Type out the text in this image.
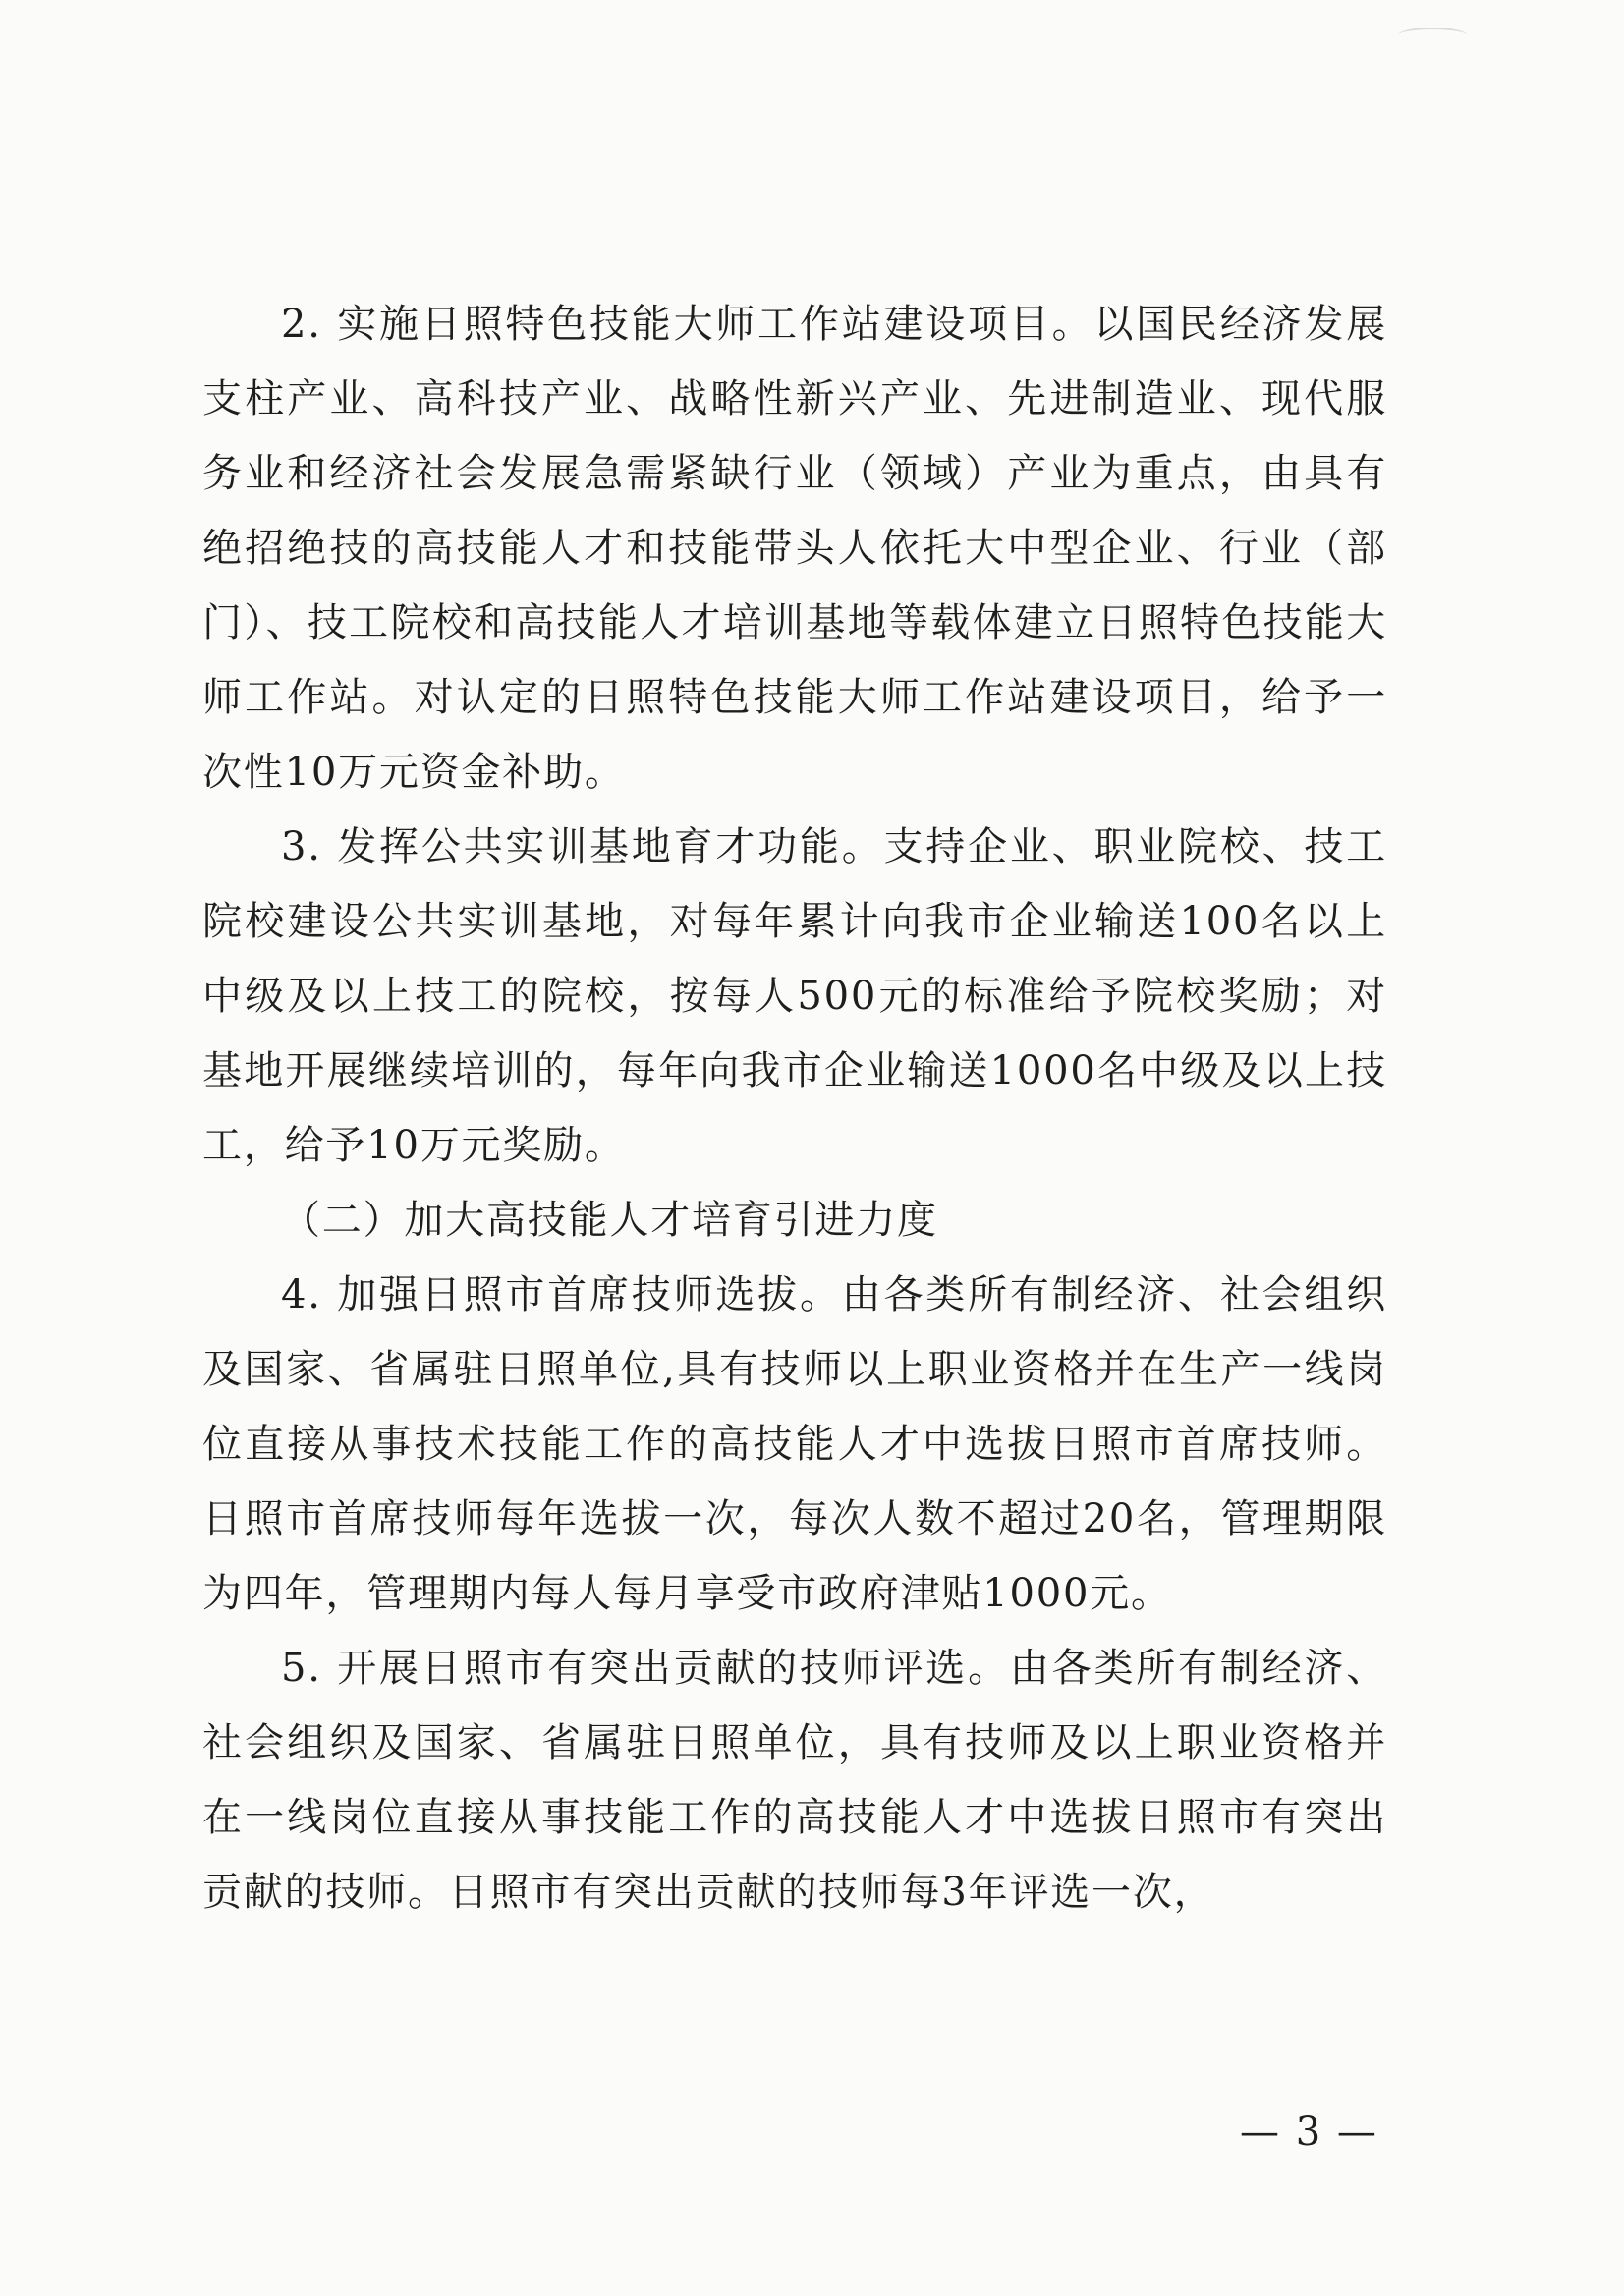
2. 实施日照特色技能大师工作站建设项目。以国民经济发展支柱产业、高科技产业、战略性新兴产业、先进制造业、现代服务业和经济社会发展急需紧缺行业（领域）产业为重点，由具有绝招绝技的高技能人才和技能带头人依托大中型企业、行业（部门）、技工院校和高技能人才培训基地等载体建立日照特色技能大师工作站。对认定的日照特色技能大师工作站建设项目，给予一次性10万元资金补助。

3. 发挥公共实训基地育才功能。支持企业、职业院校、技工院校建设公共实训基地，对每年累计向我市企业输送100名以上中级及以上技工的院校，按每人500元的标准给予院校奖励；对基地开展继续培训的，每年向我市企业输送1000名中级及以上技工，给予10万元奖励。

（二）加大高技能人才培育引进力度

4. 加强日照市首席技师选拔。由各类所有制经济、社会组织及国家、省属驻日照单位,具有技师以上职业资格并在生产一线岗位直接从事技术技能工作的高技能人才中选拔日照市首席技师。日照市首席技师每年选拔一次，每次人数不超过20名，管理期限为四年，管理期内每人每月享受市政府津贴1000元。

5. 开展日照市有突出贡献的技师评选。由各类所有制经济、社会组织及国家、省属驻日照单位，具有技师及以上职业资格并在一线岗位直接从事技能工作的高技能人才中选拔日照市有突出贡献的技师。日照市有突出贡献的技师每3年评选一次，

— 3 —
